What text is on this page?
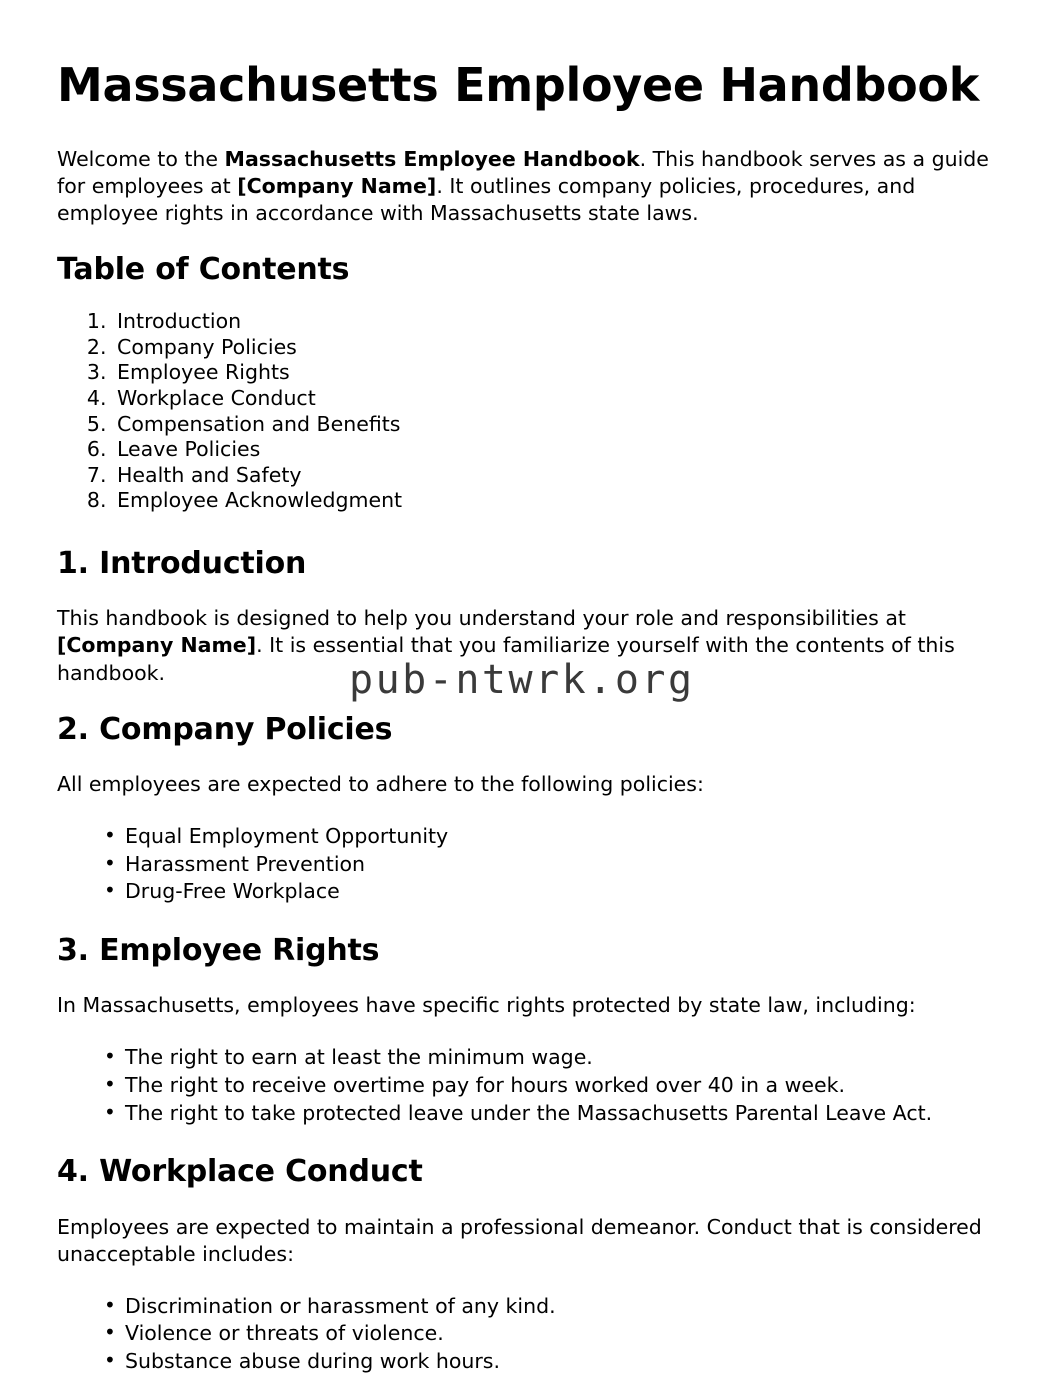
Massachusetts Employee Handbook

Welcome to the Massachusetts Employee Handbook. This handbook serves as a guide for employees at [Company Name]. It outlines company policies, procedures, and employee rights in accordance with Massachusetts state laws.

Table of Contents
1. Introduction
2. Company Policies
3. Employee Rights
4. Workplace Conduct
5. Compensation and Benefits
6. Leave Policies
7. Health and Safety
8. Employee Acknowledgment
1. Introduction

This handbook is designed to help you understand your role and responsibilities at [Company Name]. It is essential that you familiarize yourself with the contents of this handbook.

2. Company Policies

All employees are expected to adhere to the following policies:

• Equal Employment Opportunity
• Harassment Prevention
• Drug-Free Workplace
3. Employee Rights

In Massachusetts, employees have specific rights protected by state law, including:

• The right to earn at least the minimum wage.
• The right to receive overtime pay for hours worked over 40 in a week.
• The right to take protected leave under the Massachusetts Parental Leave Act.
4. Workplace Conduct

Employees are expected to maintain a professional demeanor. Conduct that is considered unacceptable includes:

• Discrimination or harassment of any kind.
• Violence or threats of violence.
• Substance abuse during work hours.
pub-ntwrk.org
